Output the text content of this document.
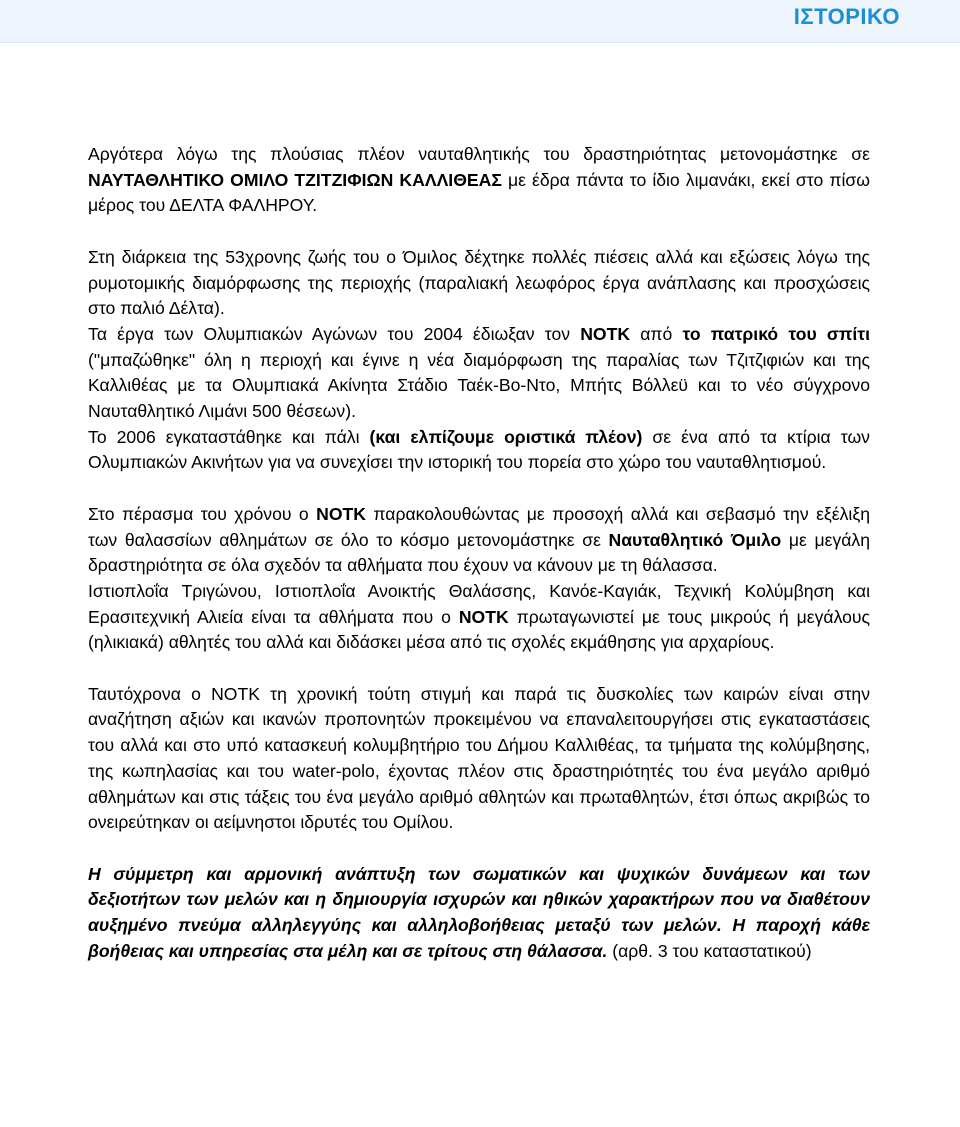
ΙΣΤΟΡΙΚΟ

Αργότερα λόγω της πλούσιας πλέον ναυταθλητικής του δραστηριότητας μετονομάστηκε σε ΝΑΥΤΑΘΛΗΤΙΚΟ ΟΜΙΛΟ ΤΖΙΤΖΙΦΙΩΝ ΚΑΛΛΙΘΕΑΣ με έδρα πάντα το ίδιο λιμανάκι, εκεί στο πίσω μέρος του ΔΕΛΤΑ ΦΑΛΗΡΟΥ.

Στη διάρκεια της 53χρονης ζωής του ο Όμιλος δέχτηκε πολλές πιέσεις αλλά και εξώσεις λόγω της ρυμοτομικής διαμόρφωσης της περιοχής (παραλιακή λεωφόρος έργα ανάπλασης και προσχώσεις στο παλιό Δέλτα).

Τα έργα των Ολυμπιακών Αγώνων του 2004 έδιωξαν τον ΝΟΤΚ από το πατρικό του σπίτι ("μπαζώθηκε" όλη η περιοχή και έγινε η νέα διαμόρφωση της παραλίας των Τζιτζιφιών και της Καλλιθέας με τα Ολυμπιακά Ακίνητα Στάδιο Ταέκ-Βο-Ντο, Μπήτς Βόλλεϋ και το νέο σύγχρονο Ναυταθλητικό Λιμάνι 500 θέσεων).

Το 2006 εγκαταστάθηκε και πάλι (και ελπίζουμε οριστικά πλέον) σε ένα από τα κτίρια των Ολυμπιακών Ακινήτων για να συνεχίσει την ιστορική του πορεία στο χώρο του ναυταθλητισμού.

Στο πέρασμα του χρόνου ο ΝΟΤΚ παρακολουθώντας με προσοχή αλλά και σεβασμό την εξέλιξη των θαλασσίων αθλημάτων σε όλο το κόσμο μετονομάστηκε σε Ναυταθλητικό Όμιλο με μεγάλη δραστηριότητα σε όλα σχεδόν τα αθλήματα που έχουν να κάνουν με τη θάλασσα.

Ιστιοπλοΐα Τριγώνου, Ιστιοπλοΐα Ανοικτής Θαλάσσης, Κανόε-Καγιάκ, Τεχνική Κολύμβηση και Ερασιτεχνική Αλιεία είναι τα αθλήματα που ο ΝΟΤΚ πρωταγωνιστεί με τους μικρούς ή μεγάλους (ηλικιακά) αθλητές του αλλά και διδάσκει μέσα από τις σχολές εκμάθησης για αρχαρίους.

Ταυτόχρονα ο ΝΟΤΚ τη χρονική τούτη στιγμή και παρά τις δυσκολίες των καιρών είναι στην αναζήτηση αξιών και ικανών προπονητών προκειμένου να επαναλειτουργήσει στις εγκαταστάσεις του αλλά και στο υπό κατασκευή κολυμβητήριο του Δήμου Καλλιθέας, τα τμήματα της κολύμβησης, της κωπηλασίας και του water-polo, έχοντας πλέον στις δραστηριότητές του ένα μεγάλο αριθμό αθλημάτων και στις τάξεις του ένα μεγάλο αριθμό αθλητών και πρωταθλητών, έτσι όπως ακριβώς το ονειρεύτηκαν οι αείμνηστοι ιδρυτές του Ομίλου.

Η σύμμετρη και αρμονική ανάπτυξη των σωματικών και ψυχικών δυνάμεων και των δεξιοτήτων των μελών και η δημιουργία ισχυρών και ηθικών χαρακτήρων που να διαθέτουν αυξημένο πνεύμα αλληλεγγύης και αλληλοβοήθειας μεταξύ των μελών. Η παροχή κάθε βοήθειας και υπηρεσίας στα μέλη και σε τρίτους στη θάλασσα. (αρθ. 3 του καταστατικού)
